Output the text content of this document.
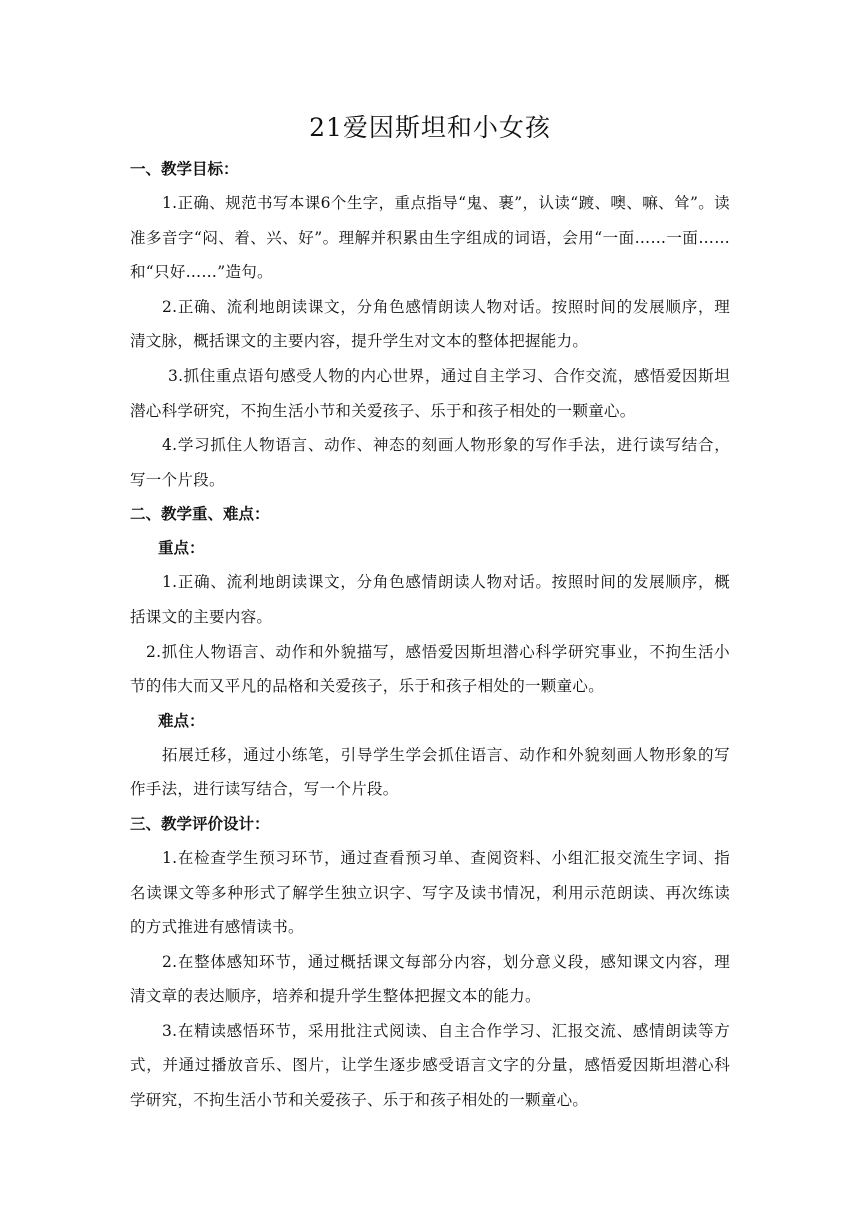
21爱因斯坦和小女孩

一、教学目标：

1.正确、规范书写本课6个生字，重点指导“鬼、裹”，认读“踱、噢、嘛、耸”。读准多音字“闷、着、兴、好”。理解并积累由生字组成的词语，会用“一面……一面……和“只好……”造句。

2.正确、流利地朗读课文，分角色感情朗读人物对话。按照时间的发展顺序，理清文脉，概括课文的主要内容，提升学生对文本的整体把握能力。

3.抓住重点语句感受人物的内心世界，通过自主学习、合作交流，感悟爱因斯坦潜心科学研究，不拘生活小节和关爱孩子、乐于和孩子相处的一颗童心。

4.学习抓住人物语言、动作、神态的刻画人物形象的写作手法，进行读写结合，写一个片段。

二、教学重、难点：

重点：

1.正确、流利地朗读课文，分角色感情朗读人物对话。按照时间的发展顺序，概括课文的主要内容。

2.抓住人物语言、动作和外貌描写，感悟爱因斯坦潜心科学研究事业，不拘生活小节的伟大而又平凡的品格和关爱孩子，乐于和孩子相处的一颗童心。

难点：

拓展迁移，通过小练笔，引导学生学会抓住语言、动作和外貌刻画人物形象的写作手法，进行读写结合，写一个片段。

三、教学评价设计：

1.在检查学生预习环节，通过查看预习单、查阅资料、小组汇报交流生字词、指名读课文等多种形式了解学生独立识字、写字及读书情况，利用示范朗读、再次练读的方式推进有感情读书。

2.在整体感知环节，通过概括课文每部分内容，划分意义段，感知课文内容，理清文章的表达顺序，培养和提升学生整体把握文本的能力。

3.在精读感悟环节，采用批注式阅读、自主合作学习、汇报交流、感情朗读等方式，并通过播放音乐、图片，让学生逐步感受语言文字的分量，感悟爱因斯坦潜心科学研究，不拘生活小节和关爱孩子、乐于和孩子相处的一颗童心。
